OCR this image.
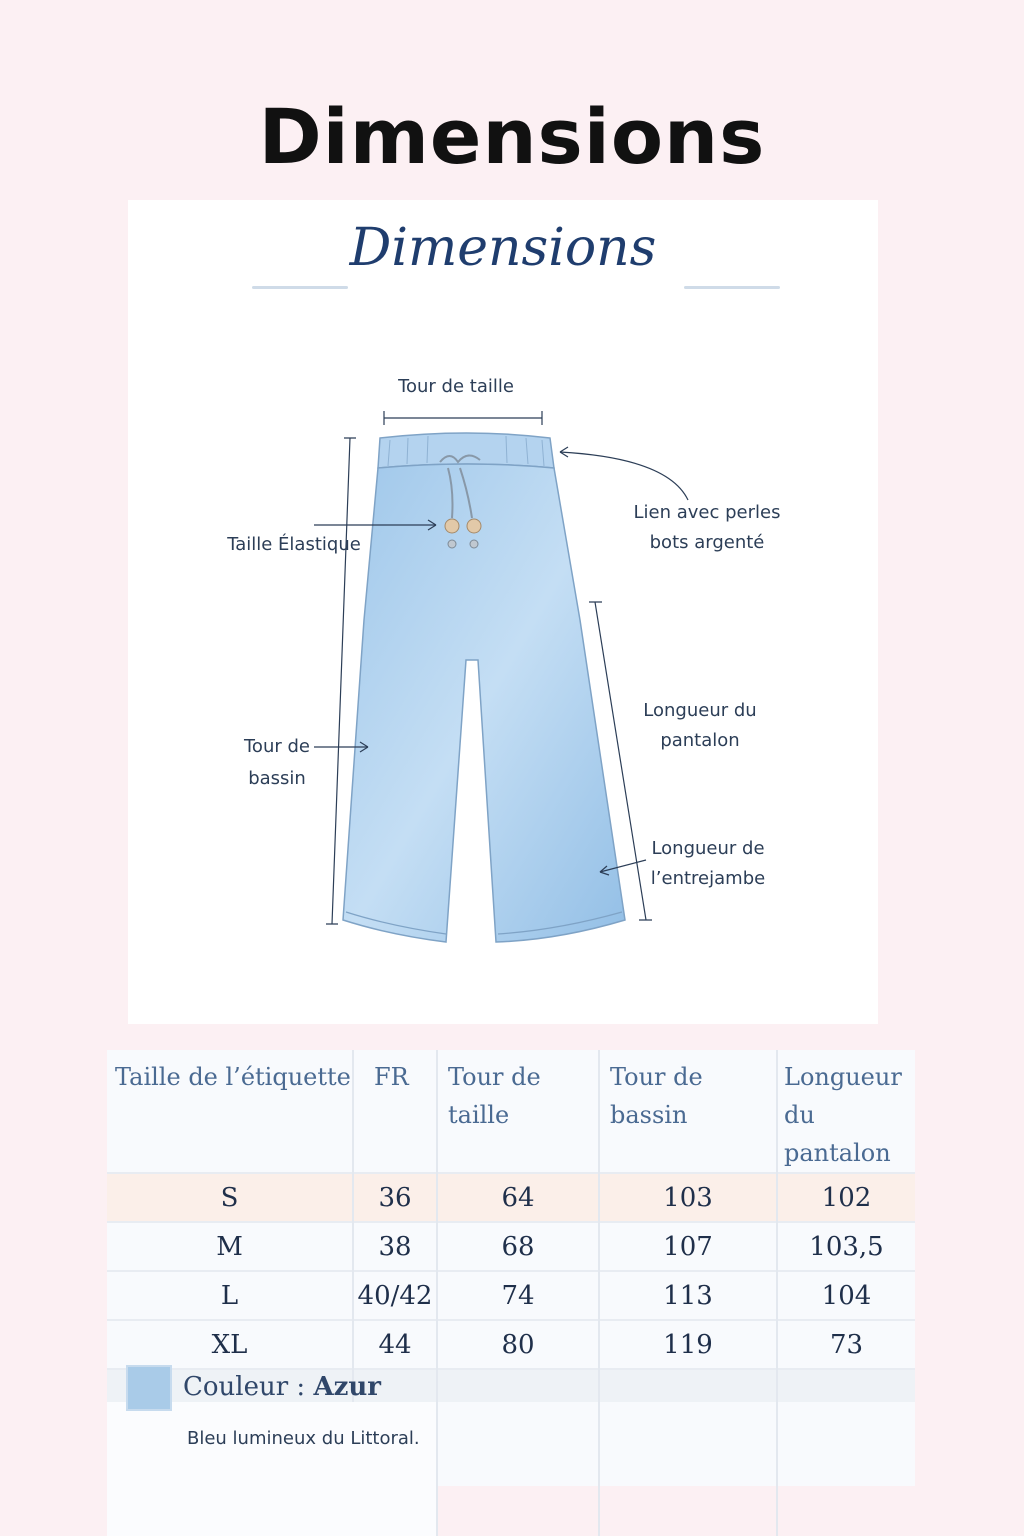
Dimensions
Dimensions
Tour de taille
Taille Élastique
Lien avec perles
bots argenté
Tour de
bassin
Longueur du
pantalon
Longueur de
l’entrejambe
Taille de l’étiquette	FR	Tour de taille	Tour de bassin	Longueur du pantalon
S	36	64	103	102
M	38	68	107	103,5
L	40/42	74	113	104
XL	44	80	119	73

Couleur : Azur
Bleu lumineux du Littoral.
